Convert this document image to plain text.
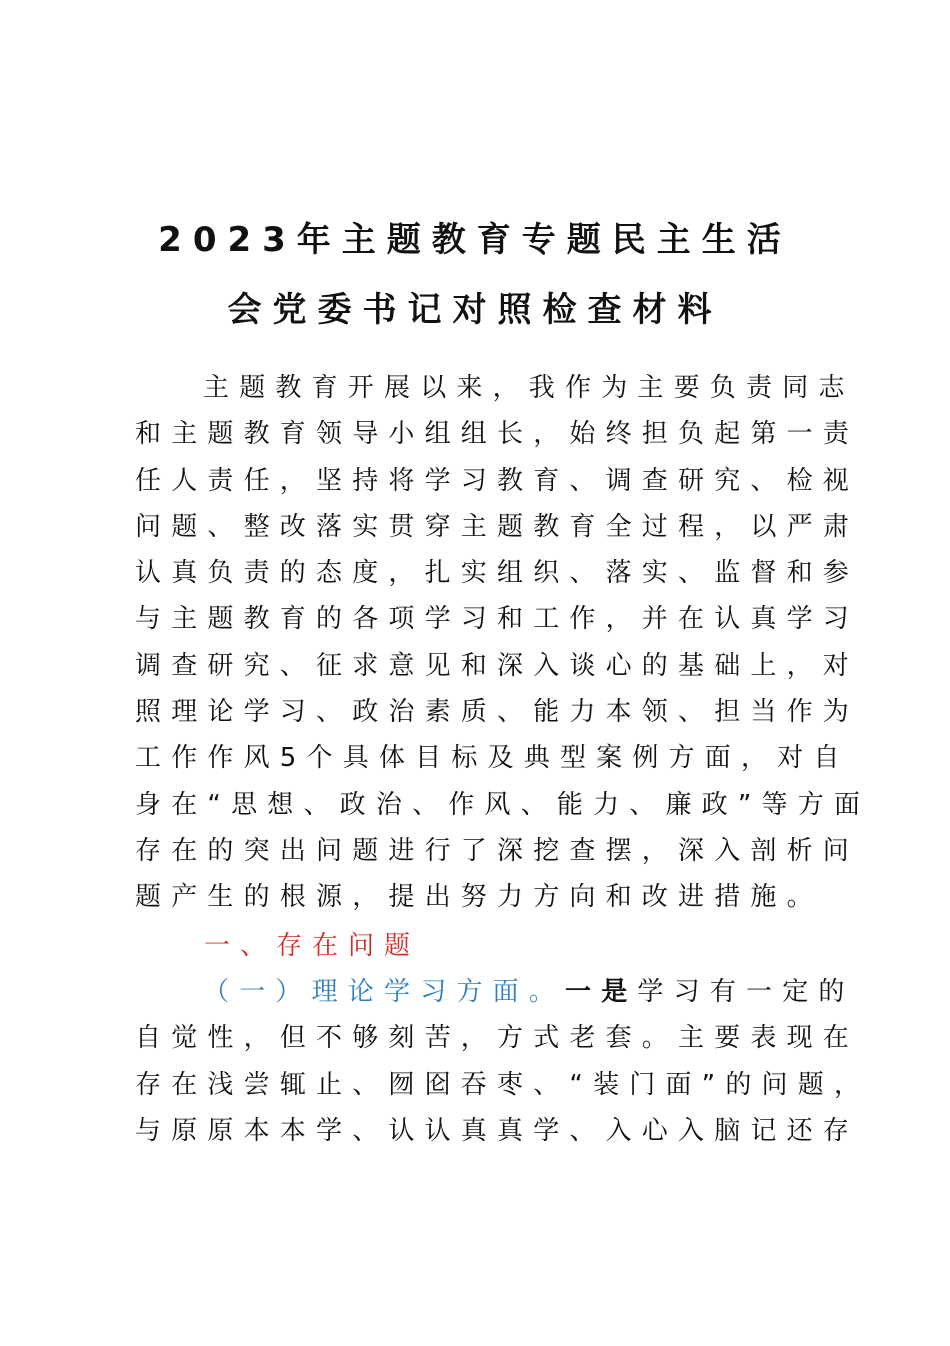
2023年主题教育专题民主生活
会党委书记对照检查材料
主题教育开展以来，我作为主要负责同志
和主题教育领导小组组长，始终担负起第一责
任人责任，坚持将学习教育、调查研究、检视
问题、整改落实贯穿主题教育全过程，以严肃
认真负责的态度，扎实组织、落实、监督和参
与主题教育的各项学习和工作，并在认真学习
调查研究、征求意见和深入谈心的基础上，对
照理论学习、政治素质、能力本领、担当作为
工作作风5个具体目标及典型案例方面，对自
身在“思想、政治、作风、能力、廉政”等方面
存在的突出问题进行了深挖查摆，深入剖析问
题产生的根源，提出努力方向和改进措施。
一、存在问题
（一）理论学习方面。一是学习有一定的
自觉性，但不够刻苦，方式老套。主要表现在
存在浅尝辄止、囫囵吞枣、“装门面”的问题，
与原原本本学、认认真真学、入心入脑记还存
